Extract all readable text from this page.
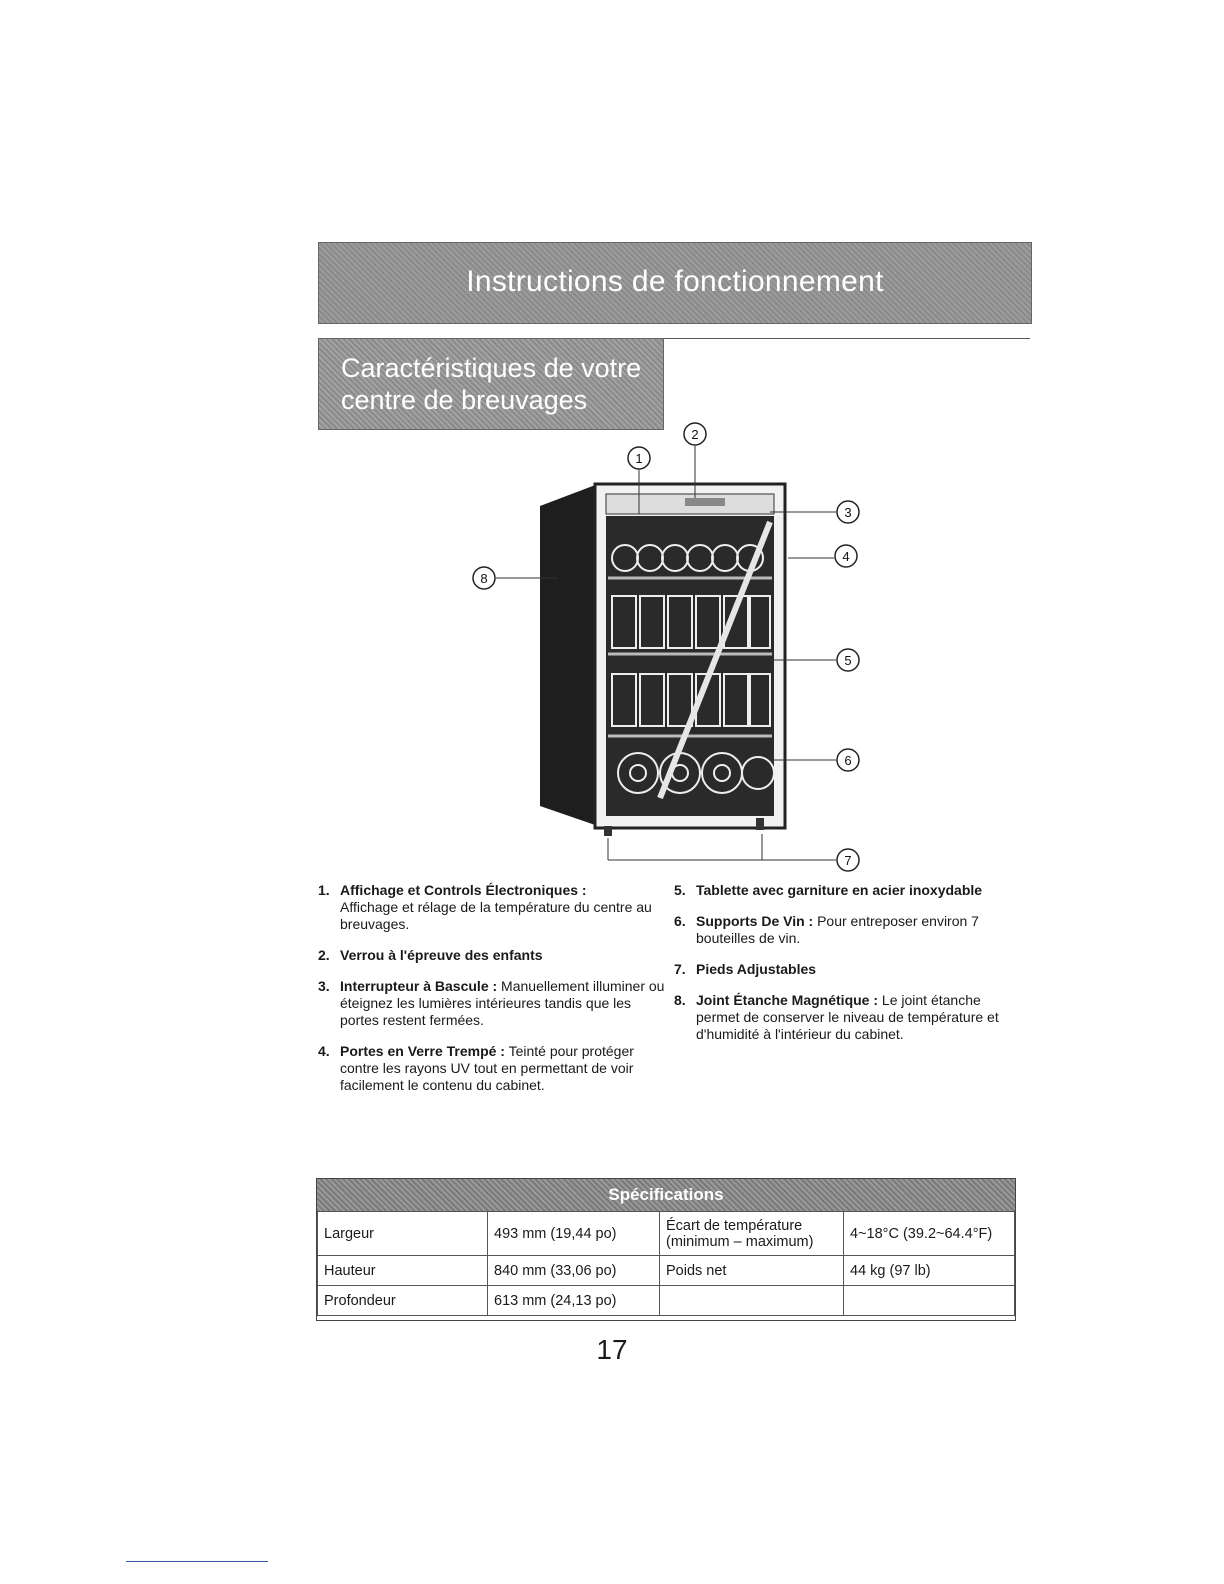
Instructions de fonctionnement
Caractéristiques de votre
centre de breuvages
1
2
3
4
5
6
7
8
1. Affichage et Controls Électroniques :
Affichage et rélage de la température du centre au breuvages.
2. Verrou à l'épreuve des enfants
3. Interrupteur à Bascule : Manuellement illuminer ou éteignez les lumières intérieures tandis que les portes restent fermées.
4. Portes en Verre Trempé : Teinté pour protéger contre les rayons UV tout en permettant de voir facilement le contenu du cabinet.
5. Tablette avec garniture en acier inoxydable
6. Supports De Vin : Pour entreposer environ 7 bouteilles de vin.
7. Pieds Adjustables
8. Joint Étanche Magnétique : Le joint étanche permet de conserver le niveau de température et d'humidité à l'intérieur du cabinet.
Spécifications
Largeur	493 mm (19,44 po)	Écart de température (minimum – maximum)	4~18°C (39.2~64.4°F)
Hauteur	840 mm (33,06 po)	Poids net	44 kg (97 lb)
Profondeur	613 mm (24,13 po)		
17
